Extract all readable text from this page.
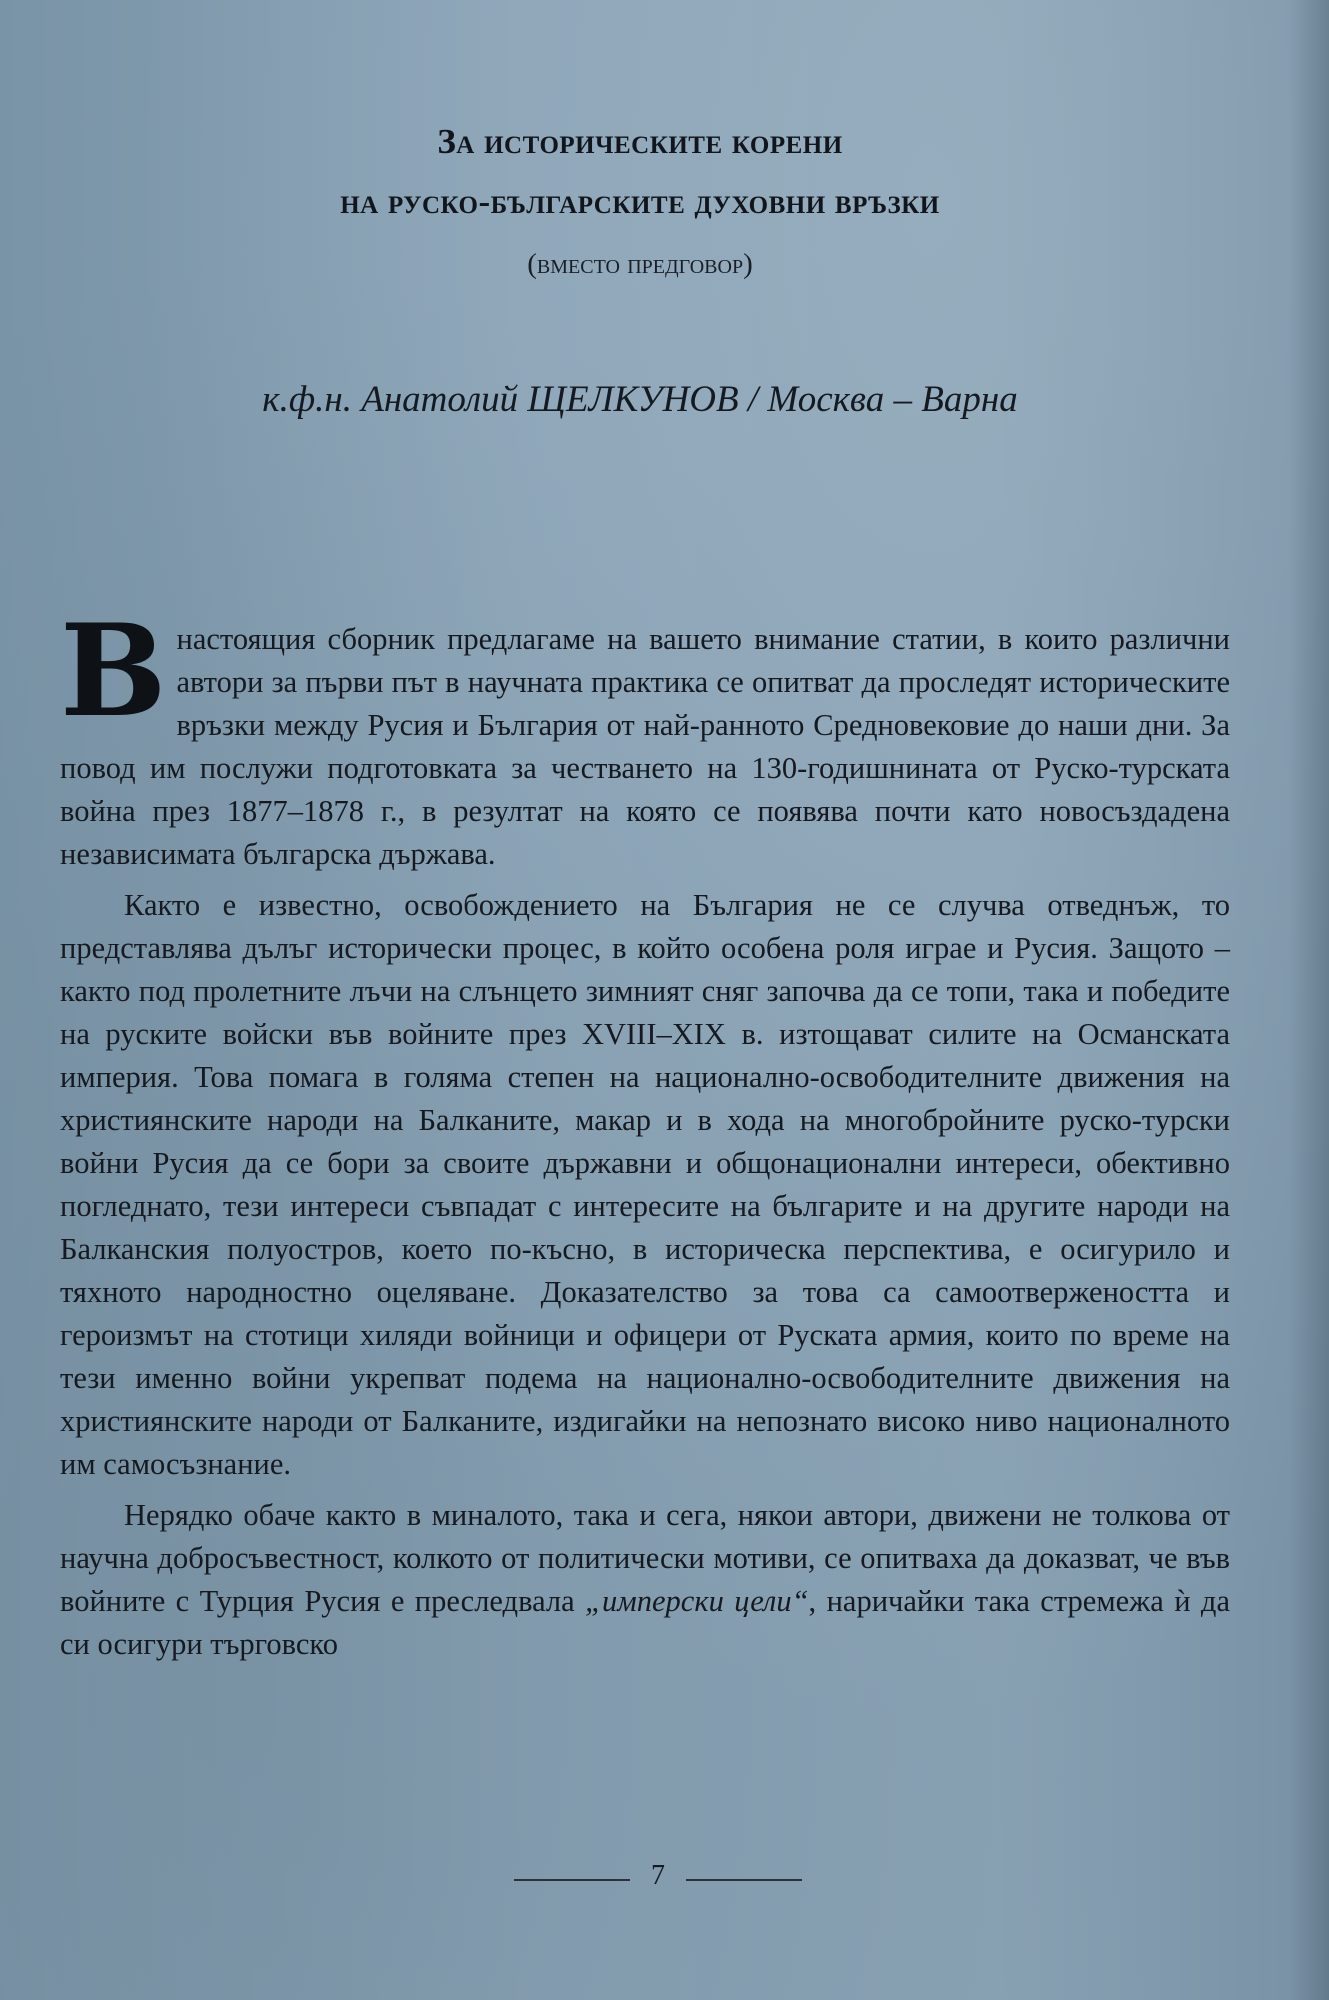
За историческите корени
на руско-българските духовни връзки
(вместо предговор)
к.ф.н. Анатолий ЩЕЛКУНОВ / Москва – Варна

Внастоящия сборник предлагаме на вашето внимание статии, в които различни автори за първи път в научната практика се опитват да проследят историческите връзки между Русия и България от най-ранното Средновековие до наши дни. За повод им послужи подготовката за честването на 130-годишнината от Руско-турската война през 1877–1878 г., в резултат на която се появява почти като новосъздадена независимата българска държава.

Както е известно, освобождението на България не се случва отведнъж, то представлява дълъг исторически процес, в който особена роля играе и Русия. Защото – както под пролетните лъчи на слънцето зимният сняг започва да се топи, така и победите на руските войски във войните през XVIII–XIX в. изтощават силите на Османската империя. Това помага в голяма степен на национално-освободителните движения на християнските народи на Балканите, макар и в хода на многобройните руско-турски войни Русия да се бори за своите държавни и общонационални интереси, обективно погледнато, тези интереси съвпадат с интересите на българите и на другите народи на Балканския полуостров, което по-късно, в историческа перспектива, е осигурило и тяхното народностно оцеляване. Доказателство за това са самоотвержеността и героизмът на стотици хиляди войници и офицери от Руската армия, които по време на тези именно войни укрепват подема на национално-освободителните движения на християнските народи от Балканите, издигайки на непознато високо ниво националното им самосъзнание.

Нерядко обаче както в миналото, така и сега, някои автори, движени не толкова от научна добросъвестност, колкото от политически мотиви, се опитваха да доказват, че във войните с Турция Русия е преследвала „имперски цели“, наричайки така стремежа ѝ да си осигури търговско

7
